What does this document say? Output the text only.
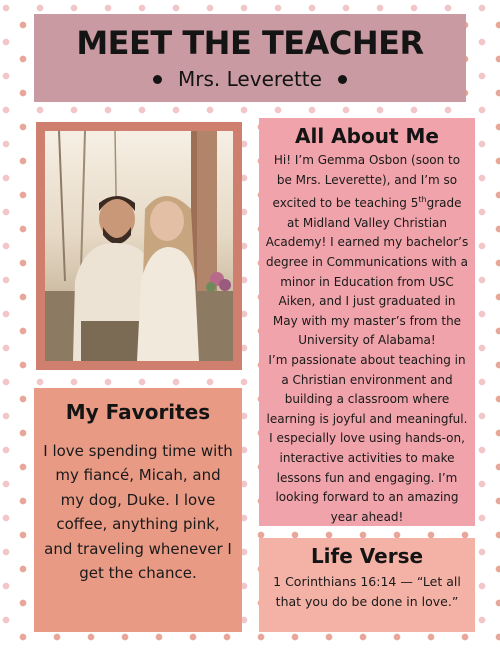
MEET THE TEACHER
Mrs. Leverette
All About Me

Hi! I’m Gemma Osbon (soon to be Mrs. Leverette), and I’m so excited to be teaching 5thgrade at Midland Valley Christian Academy! I earned my bachelor’s degree in Communications with a minor in Education from USC Aiken, and I just graduated in May with my master’s from the University of Alabama!

I’m passionate about teaching in a Christian environment and building a classroom where learning is joyful and meaningful. I especially love using hands-on, interactive activities to make lessons fun and engaging. I’m looking forward to an amazing year ahead!

My Favorites
I love spending time with my fiancé, Micah, and my dog, Duke. I love coffee, anything pink, and traveling whenever I get the chance.
Life Verse
1 Corinthians 16:14 — “Let all that you do be done in love.”
